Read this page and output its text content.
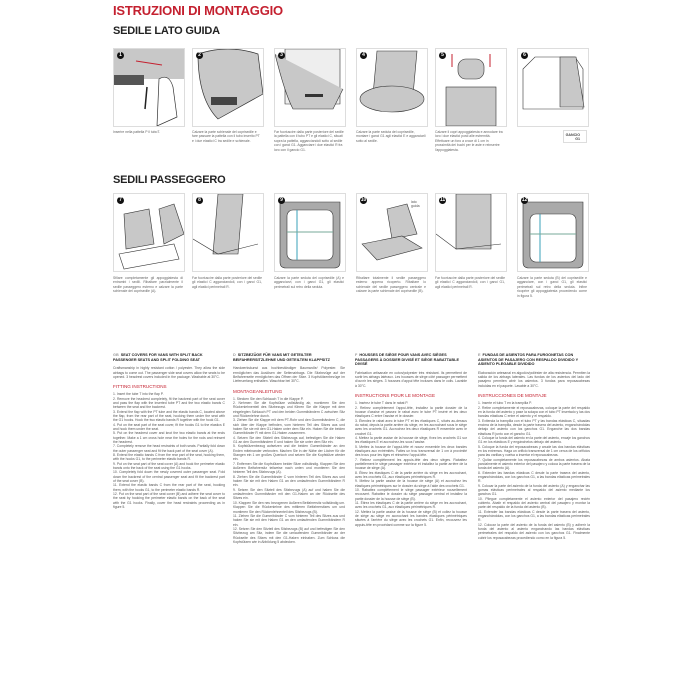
ISTRUZIONI DI MONTAGGIO
SEDILE LATO GUIDA
SEDILI PASSEGGERO
1
Inserire nella pattella P il tuboT.
2
Calzare la parte schienale del coprisedile e fare passare la pattella con il tubo inserito PT e i due elastici C tra sedile e schienale.
3
Far fuoriuscire dalla parte posteriore del sedile la pattella con il tubo PT e gli elastici C, situati sopra la pattella, agganciandoli sotto al sedile con i ganci G1. Agganciare i due elastici R fra loro con il gancio G1.
4
Calzare la parte seduta del coprisedile, montare i ganci G1 agli elastici E e agganciarli sotto al sedile.
5
Calzare il copri appoggiatesta e annodare tra loro i due elastici posti alle estremità. Effettuare un foro a croce di 1 cm in prossimità dei buchi per le aste e reinserire l'appoggiatesta.
6
7
Sfilare completamente gli appoggiatesta di entrambi i sedili. Ribaltare parzialmente il sedile passeggero esterno e calzare la parte schienale del coprisedile (A).
8
Far fuoriuscire dalla parte posteriore del sedile gli elastici C agganciandoli, con i ganci G1, agli elastici perimetrali R.
9
Calzare la parte seduta del coprisedile (A) e agganciarvi, con i ganci G1, gli elastici perimetrali sul retro della seduta.
10	lato guida
Ribaltare totalmente il sedile passeggero esterno appena ricoperto. Ribaltare lo schienale del sedile passeggero centrale e calzare la parte schienale del coprisedile (B).
11
Far fuoriuscire dalla parte posteriore del sedile gli elastici C agganciandoli, con i ganci G1, agli elastici perimetrali R.
12
Calzare la parte seduta (B) del coprisedile e agganciare, con i ganci G1, gli elastici perimetrali sul retro della seduta. Infine ricoprire gli appoggiatesta procedendo come in figura 5.
GANCIO G1
GB SEAT COVERS FOR VANS WITH SPLIT BACK PASSENGER SEATS AND SPLIT FOLDING SEAT

Craftsmanship in highly resistant cotton / polyester. They allow the side airbags to come out. The passenger side seat covers allow the seats to be opened. 3 headrest covers included in the package. Washable at 30°C.

FITTING INSTRUCTIONS

1. Insert the tube T into the flap P.

2. Remove the headrest completely, fit the backrest part of the seat cover and pass the flap with the inserted tube PT and the two elastic bands C between the seat and the backrest.

3. Extend the flap with the PT tube and the elastic bands C, located above the flap, from the rear part of the seat, hooking them under the seat with the G1 hooks. Hook the two elastic bands R together with the hook G1.

4. Put on the seat part of the seat cover, fit the hooks G1 to the elastics E and hook them under the seat.

5. Put on the headrest cover and knot the two elastic bands at the ends together. Make a 1 cm cross hole near the holes for the rods and reinsert the headrest.

7. Completely remove the head restraints of both seats. Partially fold down the outer passenger seat and fit the back part of the seat cover (A).

8. Extend the elastic bands C from the rear part of the seat, hooking them, with the hooks G1, to the perimeter elastic bands R.

9. Put on the seat part of the seat cover (A) and hook the perimeter elastic bands onto the back of the seat using the G1 hooks.

10. Completely fold down the newly covered outer passenger seat. Fold down the backrest of the central passenger seat and fit the backrest part of the seat cover (B).

11. Extend the elastic bands C from the rear part of the seat, hooking them, with the hooks G1, to the perimeter elastic bands R.

12. Put on the seat part of the seat cover (B) and adhere the seat cover to the seat by hooking the perimeter elastic bands on the back of the seat with the G1 hooks. Finally, cover the head restraints proceeding as in figure 5.

D SITZBEZÜGE FÜR VANS MIT GETEILTER BEIFAHRERSITZLEHNE UND GETEILTEM KLAPPSITZ

Handwerkskunst aus hochbeständiger Baumwolle/ Polyester. Sie ermöglichen das Auslösen der Seitenairbags. Die Sitzbezüge auf der Beifahrerseite ermöglichen das Öffnen der Sitze. 3 Kopfstützenbezüge im Lieferumfang enthalten. Waschbar bei 30°C.

MONTAGEANLEITUNG

1. Stecken Sie den Schlauch T in die Klappe P.

2. Nehmen Sie die Kopfstütze vollständig ab, montieren Sie den Rückenlehnenteil des Sitzbezugs und führen Sie die Klappe mit dem eingelegten Schlauch PT und den beiden Gummibändern C zwischen Sitz und Rückenlehne durch.

3. Ziehen Sie die Klappe mit dem PT-Rohr und den Gummibändern C, die sich über der Klappe befinden, vom hinteren Teil des Sitzes aus und haken Sie sie mit den G1-Haken unter dem Sitz ein. Haken Sie die beiden Gummibänder R mit dem G1-Haken zusammen.

4. Setzen Sie den Sitzteil des Sitzbezugs auf, befestigen Sie die Haken G1 an den Gummibändern E und haken Sie sie unter dem Sitz ein.

5. Kopfstützenbezug aufsetzen und die beiden Gummibänder an den Enden miteinander verknoten. Machen Sie in der Nähe der Löcher für die Stangen ein 1 cm großes Querloch und setzen Sie die Kopfstütze wieder ein.

7. Entfernen Sie die Kopfstützen beider Sitze vollständig. Klappen Sie den äußeren Beifahrersitz teilweise nach unten und montieren Sie den hinteren Teil des Sitzbezugs (A).

8. Ziehen Sie die Gummibänder C vom hinteren Teil des Sitzes aus und haken Sie sie mit den Haken G1 an den umlaufenden Gummibändern R ein.

9. Setzen Sie den Sitzteil des Sitzbezugs (A) auf und haken Sie die umlaufenden Gummibänder mit den G1-Haken an der Rückseite des Sitzes ein.

10. Klappen Sie den neu bezogenen äußeren Beifahrersitz vollständig um. Klappen Sie die Rückenlehne des mittleren Beifahrersitzes um und montieren Sie den Rückenlehnenteil des Sitzbezugs (B).

11. Ziehen Sie die Gummibänder C vom hinteren Teil des Sitzes aus und haken Sie sie mit den Haken G1 an den umlaufenden Gummibändern R ein.

12. Setzen Sie den Sitzteil des Sitzbezugs (B) auf und befestigen Sie den Sitzbezug am Sitz, indem Sie die umlaufenden Gummibänder an der Rückseite des Sitzes mit den G1-Haken einhaken. Zum Schluss die Kopfstützen wie in Abbildung 5 abdecken.

F HOUSSES DE SIÈGE POUR VANS AVEC SIÈGES PASSAGERS À DOSSIER DIVISÉ ET SIÈGE RABATTABLE DIVISÉ

Fabrication artisanale en coton/polyester très résistant. Ils permettent de sortir les airbags latéraux. Les housses de siège côté passager permettent d'ouvrir les sièges. 3 housses d'appui tête incluses dans le colis. Lavable à 30°C.

INSTRUCTIONS POUR LE MONTAGE

1. Insérez le tube T dans le rabat P.

2. Retirez complètement l'appui-tête, installez la partie dossier de la housse d'assise et passez le rabat avec le tube PT inséré et les deux élastiques C entre l'assise et le dossier.

3. Étendez le rabat avec le tube PT et les élastiques C, situés au-dessus du rabat, depuis la partie arrière du siège, en les accrochant sous le siège avec les crochets G1. Accrochez les deux élastiques R ensemble avec le crochet G1.

4. Mettez la partie assise de la housse de siège, fixez les crochets G1 sur les élastiques E et accrochez-les sous l'assise.

5. Mettez la housse de l'appui-tête et nouez ensemble les deux bandes élastiques aux extrémités. Faites un trou transversal de 1 cm à proximité des trous pour les tiges et réinsérez l'appui-tête.

7. Retirez complètement les appuis-tête des deux sièges. Rabattez partiellement le siège passager extérieur et installez la partie arrière de la housse de siège (A).

8. Étirez les élastiques C de la partie arrière du siège en les accrochant, avec les crochets G1, aux élastiques périmétriques R.

9. Mettez la partie assise de la housse de siège (A) et accrochez les élastiques périmétriques sur le dossier du siège à l'aide des crochets G1.

10. Rabattez complètement le siège passager extérieur nouvellement recouvert. Rabattez le dossier du siège passager central et installez la partie dossier de la housse de siège (B).

11. Étirez les élastiques C de la partie arrière du siège en les accrochant, avec les crochets G1, aux élastiques périmétriques R.

12. Mettez la partie assise de la housse de siège (B) et collez la housse de siège au siège en accrochant les bandes élastiques périmétriques situées à l'arrière du siège avec les crochets G1. Enfin, recouvrez les appuis-tête en procédant comme sur la figure 5.

E FUNDAS DE ASIENTOS PARA FURGONETAS CON ASIENTOS DE PASAJERO CON RESPALDO DIVIDIDO Y ASIENTO PLEGABLE DIVIDIDO

Elaboración artesanal en algodón/poliéster de alta resistencia. Permiten la salida de los airbags laterales. Las fundas de los asientos del lado del pasajero permiten abrir los asientos. 3 fundas para reposacabezas incluidas en el paquete. Lavable a 30°C.

INSTRUCCIONES DE MONTAJE

1. Inserte el tubo T en la trampilla P.

2. Retire completamente el reposacabezas, coloque la parte del respaldo en la funda del asiento y pase la solapa con el tubo PT insertado y las dos bandas elásticas C entre el asiento y el respaldo.

3. Extienda la trampilla con el tubo PT y las bandas elásticas C, situadas encima de la trampilla, desde la parte trasera del asiento, enganchándolas debajo del asiento con los ganchos G1. Enganche las dos bandas elásticas R junto con el gancho G1.

4. Coloque la funda del asiento en la parte del asiento, encaje los ganchos G1 en los elásticos E y engánchelos debajo del asiento.

5. Coloque la funda del reposacabezas y anude las dos bandas elásticas en los extremos. Haga un orificio transversal de 1 cm cerca de los orificios para las varillas y vuelva a insertar el reposacabezas.

7. Quitar completamente los reposacabezas de ambos asientos. Abata parcialmente el asiento exterior del pasajero y coloca la parte trasera de la funda del asiento (A).

8. Extender las bandas elásticas C desde la parte trasera del asiento, enganchándolas, con los ganchos G1, a las bandas elásticas perimetrales R.

9. Colocar la parte del asiento de la funda del asiento (A) y enganchar las gomas elásticas perimetrales al respaldo del asiento mediante los ganchos G1.

10. Pliegue completamente el asiento exterior del pasajero recién cubierto. Abatir el respaldo del asiento central del pasajero y montar la parte del respaldo de la funda del asiento (B).

11. Extender las bandas elásticas C desde la parte trasera del asiento, enganchándolas, con los ganchos G1, a las bandas elásticas perimetrales R.

12. Colocar la parte del asiento de la funda del asiento (B) y adherir la funda del asiento al asiento enganchando las bandas elásticas perimetrales del respaldo del asiento con los ganchos G1. Finalmente cubrir los reposacabezas procediendo como en la figura 5.
